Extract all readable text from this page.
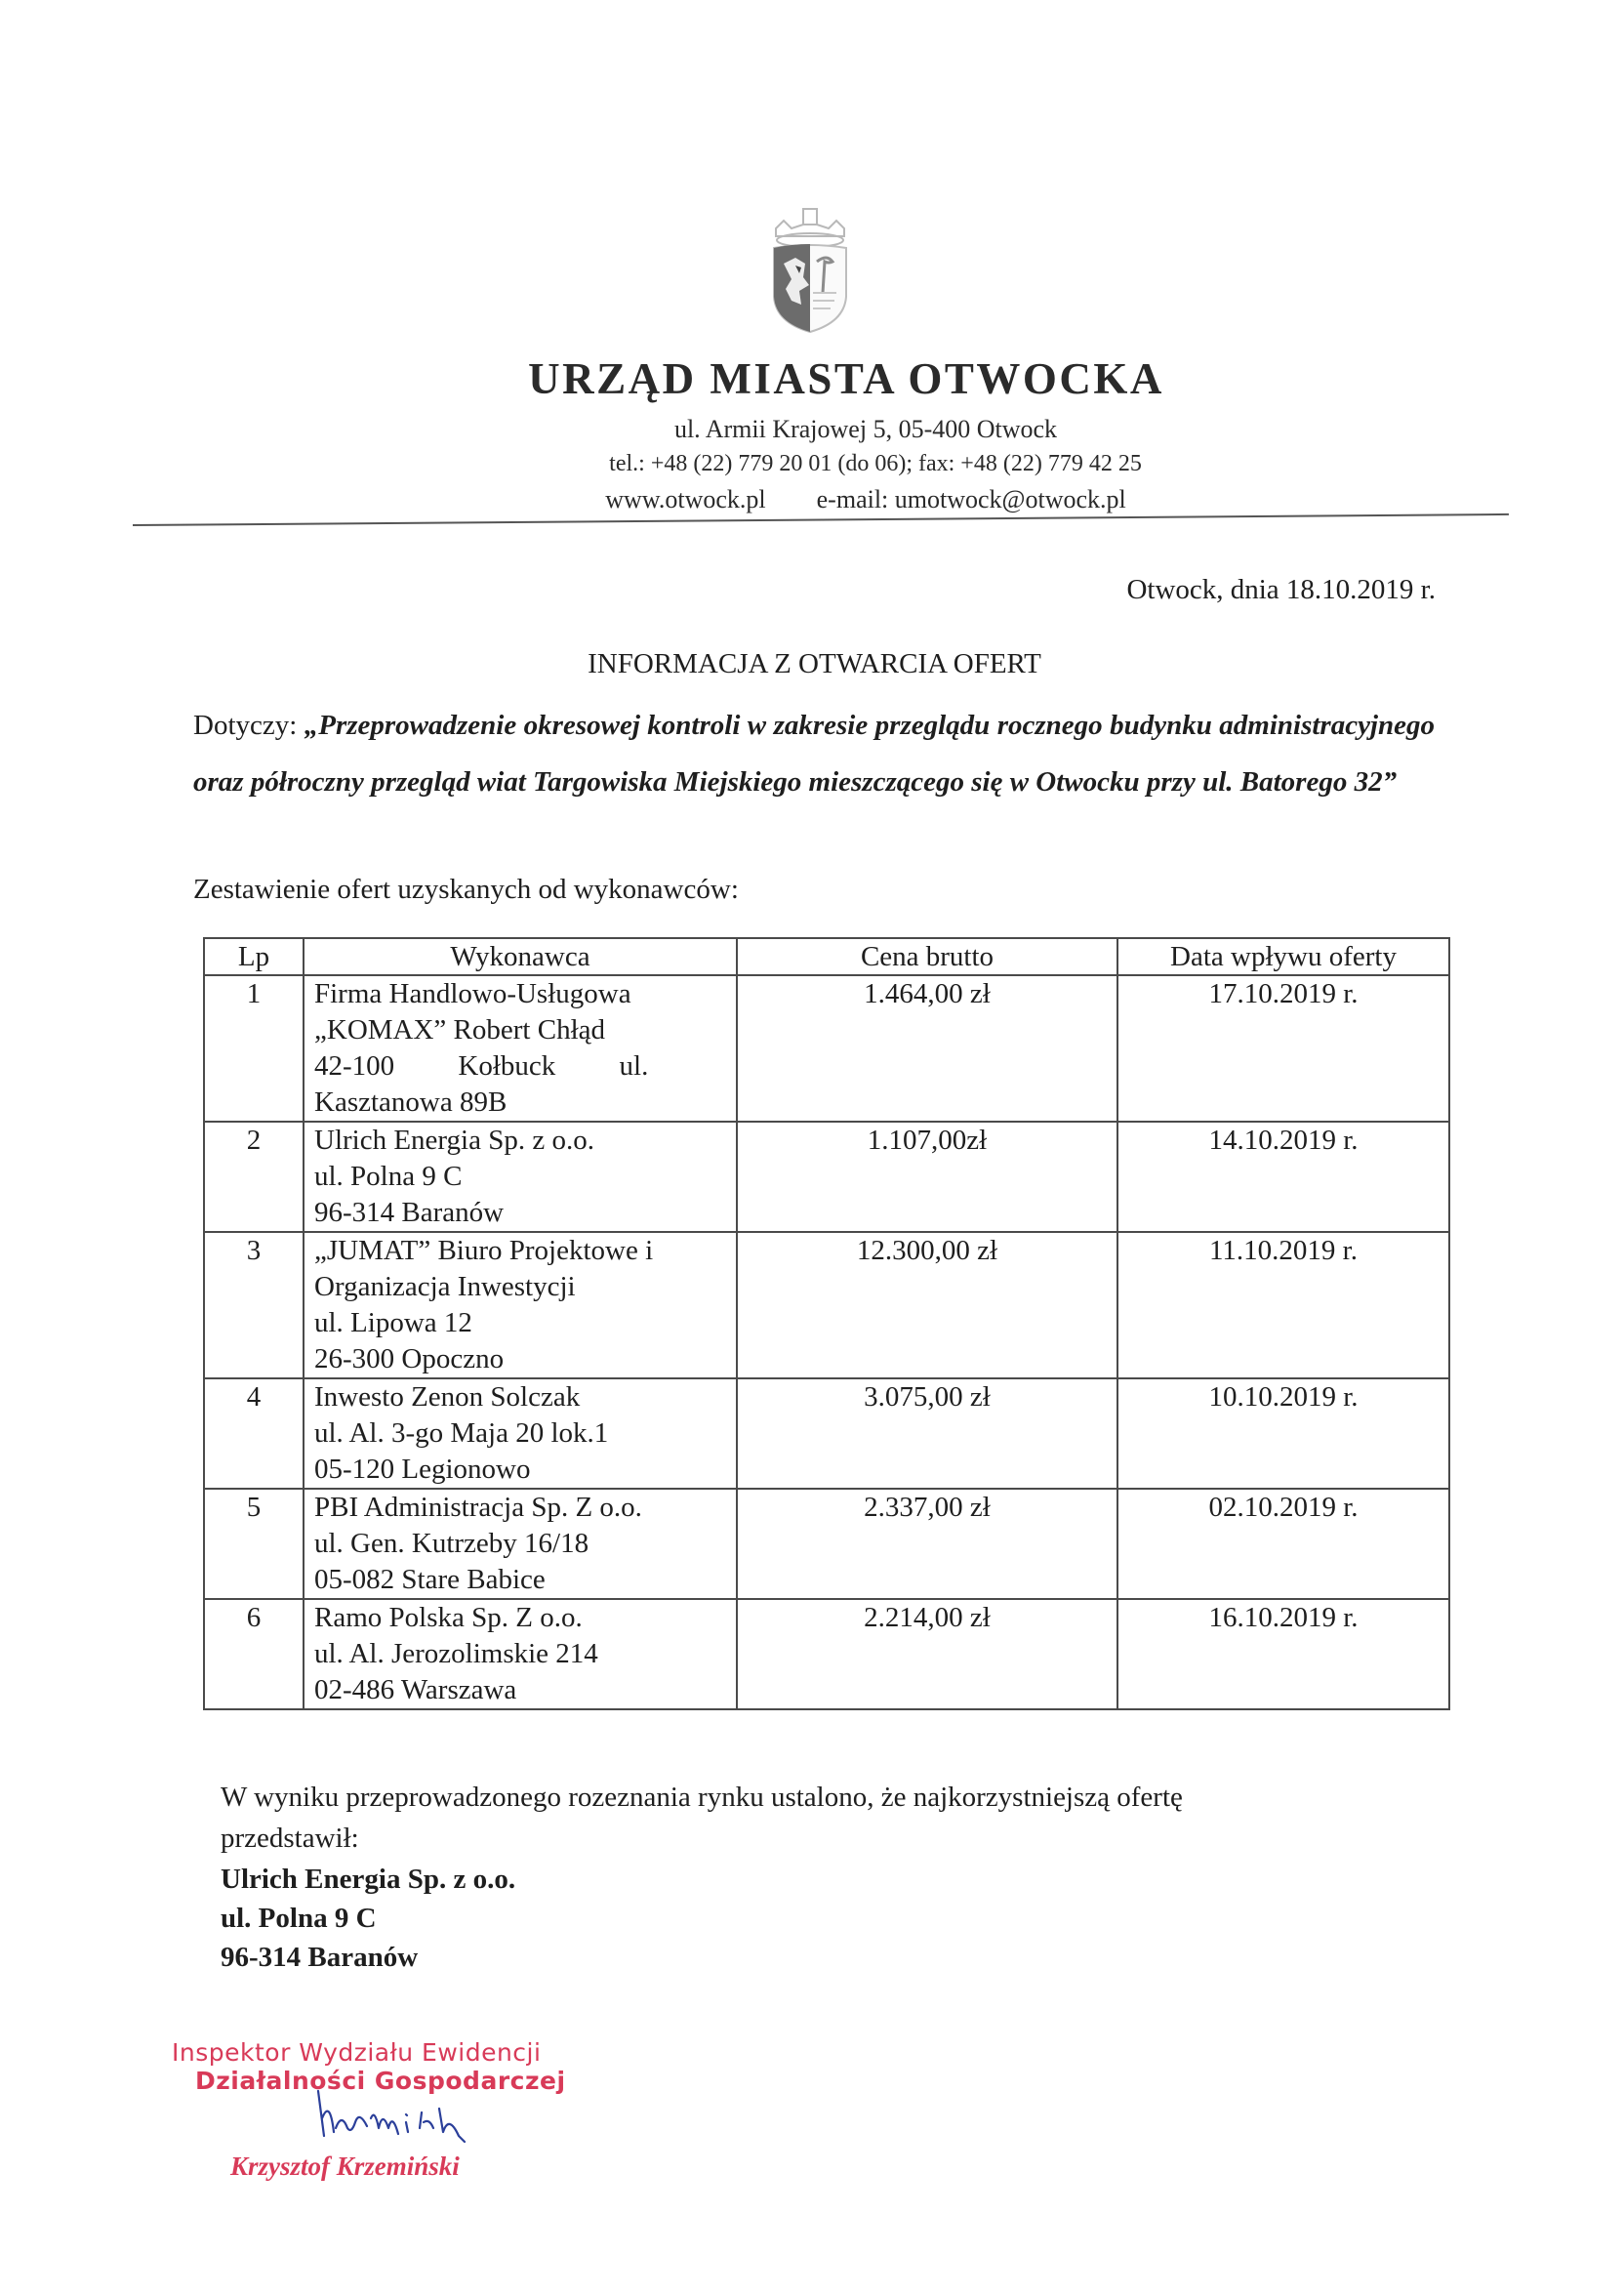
URZĄD MIASTA OTWOCKA
ul. Armii Krajowej 5, 05-400 Otwock
tel.: +48 (22) 779 20 01 (do 06); fax: +48 (22) 779 42 25
www.otwock.pl e-mail: umotwock@otwock.pl
Otwock, dnia 18.10.2019 r.
INFORMACJA Z OTWARCIA OFERT
Dotyczy: „Przeprowadzenie okresowej kontroli w zakresie przeglądu rocznego budynku administracyjnego oraz półroczny przegląd wiat Targowiska Miejskiego mieszczącego się w Otwocku przy ul. Batorego 32”
Zestawienie ofert uzyskanych od wykonawców:
Lp	Wykonawca	Cena brutto	Data wpływu oferty
1	Firma Handlowo-Usługowa
„KOMAX” Robert Chłąd
42-100 Kołbuck ul.
Kasztanowa 89B	1.464,00 zł	17.10.2019 r.
2	Ulrich Energia Sp. z o.o.
ul. Polna 9 C
96-314 Baranów	1.107,00zł	14.10.2019 r.
3	„JUMAT” Biuro Projektowe i
Organizacja Inwestycji
ul. Lipowa 12
26-300 Opoczno	12.300,00 zł	11.10.2019 r.
4	Inwesto Zenon Solczak
ul. Al. 3-go Maja 20 lok.1
05-120 Legionowo	3.075,00 zł	10.10.2019 r.
5	PBI Administracja Sp. Z o.o.
ul. Gen. Kutrzeby 16/18
05-082 Stare Babice	2.337,00 zł	02.10.2019 r.
6	Ramo Polska Sp. Z o.o.
ul. Al. Jerozolimskie 214
02-486 Warszawa	2.214,00 zł	16.10.2019 r.
W wyniku przeprowadzonego rozeznania rynku ustalono, że najkorzystniejszą ofertę przedstawił:
Ulrich Energia Sp. z o.o.
ul. Polna 9 C
96-314 Baranów
Inspektor Wydziału Ewidencji
Działalności Gospodarczej
Krzysztof Krzemiński
